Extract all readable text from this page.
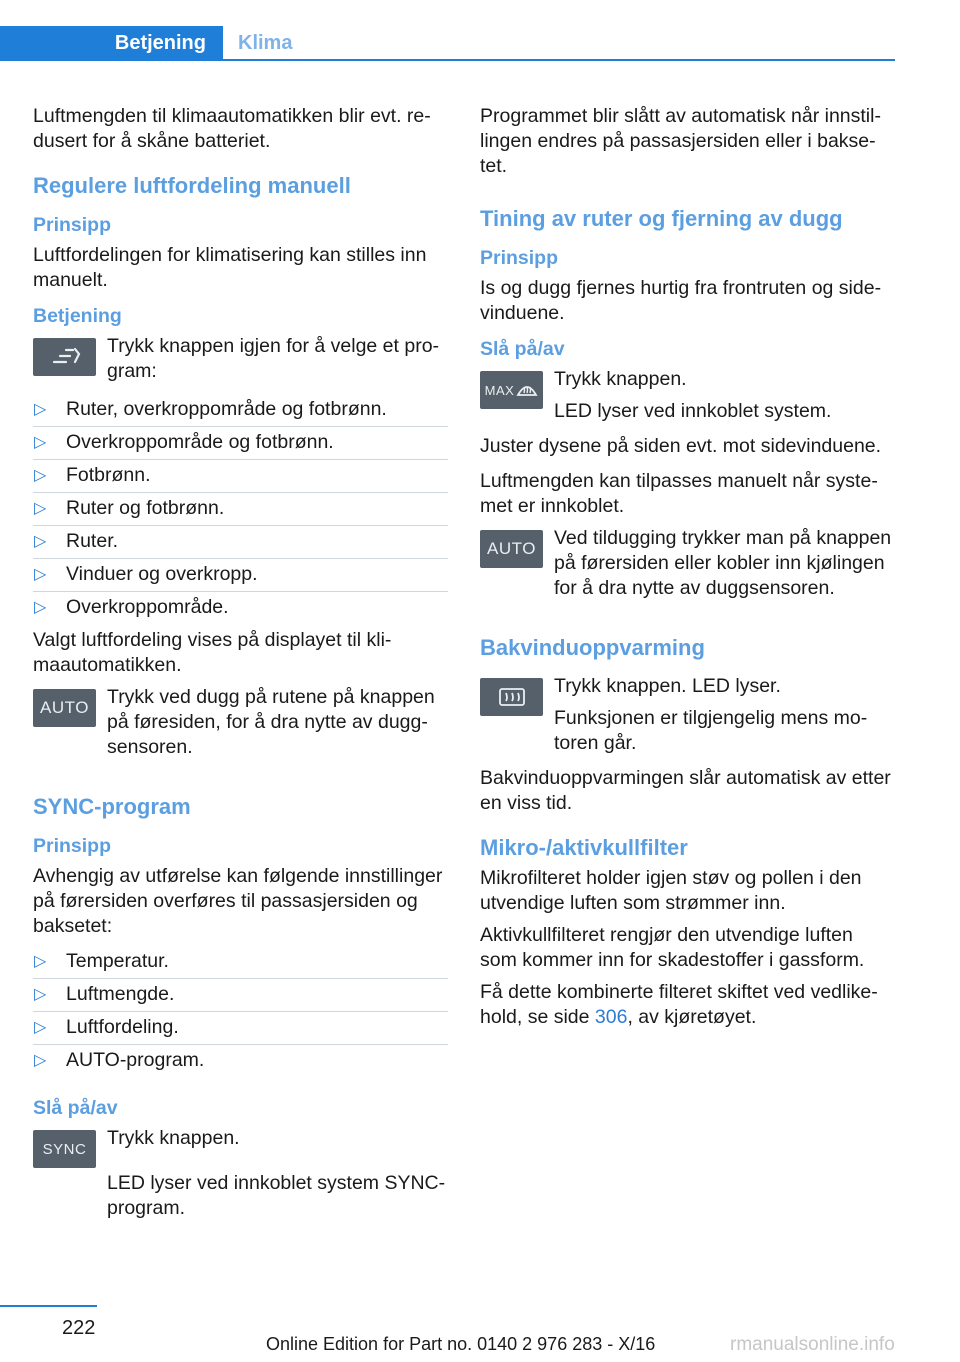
Betjening	Klima

Luftmengden til klimaautomatikken blir evt. redusert for å skåne batteriet.

Regulere luftfordeling manuell
Prinsipp

Luftfordelingen for klimatisering kan stilles inn manuelt.

Betjening

Trykk knappen igjen for å velge et program:

▷ Ruter, overkroppområde og fotbrønn.
▷ Overkroppområde og fotbrønn.
▷ Fotbrønn.
▷ Ruter og fotbrønn.
▷ Ruter.
▷ Vinduer og overkropp.
▷ Overkroppområde.

Valgt luftfordeling vises på displayet til klimaautomatikken.

AUTO Trykk ved dugg på rutene på knappen på føresiden, for å dra nytte av duggsensoren.

SYNC-program
Prinsipp

Avhengig av utførelse kan følgende innstillinger på førersiden overføres til passasjersiden og baksetet:

▷ Temperatur.
▷ Luftmengde.
▷ Luftfordeling.
▷ AUTO-program.
Slå på/av
SYNC	Trykk knappen.

LED lyser ved innkoblet system SYNC-program.

Programmet blir slått av automatisk når innstillingen endres på passasjersiden eller i baksetet.

Tining av ruter og fjerning av dugg
Prinsipp

Is og dugg fjernes hurtig fra frontruten og sidevinduene.

Slå på/av
MAX Trykk knappen.

LED lyser ved innkoblet system.

Juster dysene på siden evt. mot sidevinduene.

Luftmengden kan tilpasses manuelt når systemet er innkoblet.

AUTO Ved tildugging trykker man på knappen på førersiden eller kobler inn kjølingen for å dra nytte av duggsensoren.

Bakvinduoppvarming

Trykk knappen. LED lyser.

Funksjonen er tilgjengelig mens motoren går.

Bakvinduoppvarmingen slår automatisk av etter en viss tid.

Mikro-/aktivkullfilter

Mikrofilteret holder igjen støv og pollen i den utvendige luften som strømmer inn.

Aktivkullfilteret rengjør den utvendige luften som kommer inn for skadestoffer i gassform.

Få dette kombinerte filteret skiftet ved vedlikehold, se side 306, av kjøretøyet.

222
Online Edition for Part no. 0140 2 976 283 - X/16	rmanualsonline.info
